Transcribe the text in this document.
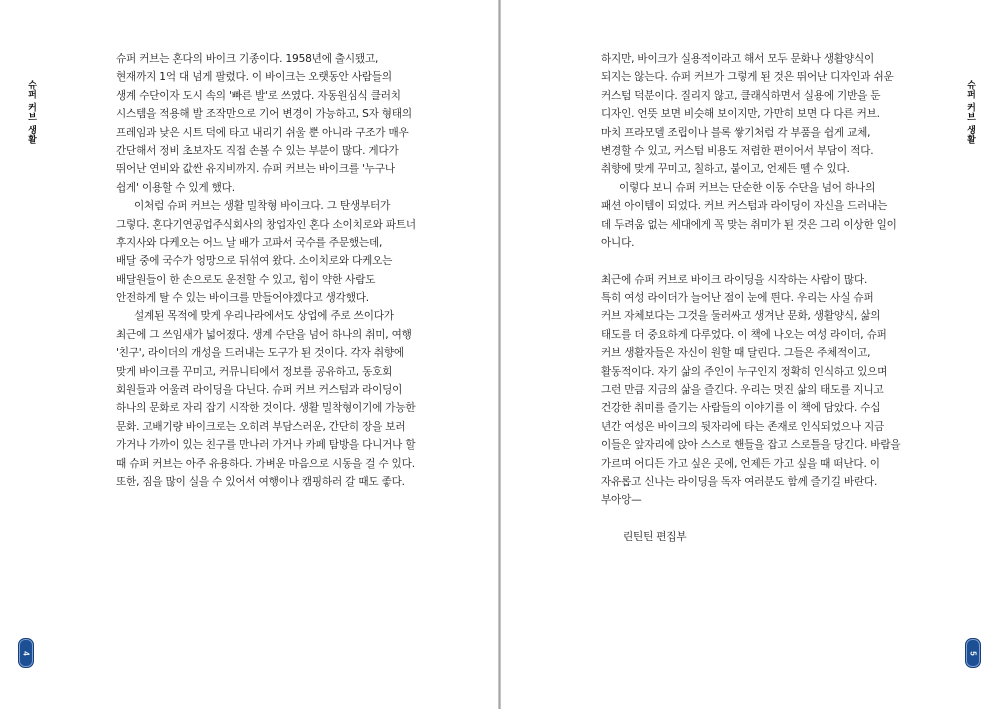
슈퍼 커브 생활
슈퍼 커브는 혼다의 바이크 기종이다. 1958년에 출시됐고,
현재까지 1억 대 넘게 팔렸다. 이 바이크는 오랫동안 사람들의
생계 수단이자 도시 속의 '빠른 발'로 쓰였다. 자동원심식 클러치
시스템을 적용해 발 조작만으로 기어 변경이 가능하고, S자 형태의
프레임과 낮은 시트 덕에 타고 내리기 쉬울 뿐 아니라 구조가 매우
간단해서 정비 초보자도 직접 손볼 수 있는 부분이 많다. 게다가
뛰어난 연비와 값싼 유지비까지. 슈퍼 커브는 바이크를 '누구나
쉽게' 이용할 수 있게 했다.
이처럼 슈퍼 커브는 생활 밀착형 바이크다. 그 탄생부터가
그렇다. 혼다기연공업주식회사의 창업자인 혼다 소이치로와 파트너
후지사와 다케오는 어느 날 배가 고파서 국수를 주문했는데,
배달 중에 국수가 엉망으로 뒤섞여 왔다. 소이치로와 다케오는
배달원들이 한 손으로도 운전할 수 있고, 힘이 약한 사람도
안전하게 탈 수 있는 바이크를 만들어야겠다고 생각했다.
설계된 목적에 맞게 우리나라에서도 상업에 주로 쓰이다가
최근에 그 쓰임새가 넓어졌다. 생계 수단을 넘어 하나의 취미, 여행
'친구', 라이더의 개성을 드러내는 도구가 된 것이다. 각자 취향에
맞게 바이크를 꾸미고, 커뮤니티에서 정보를 공유하고, 동호회
회원들과 어울려 라이딩을 다닌다. 슈퍼 커브 커스텀과 라이딩이
하나의 문화로 자리 잡기 시작한 것이다. 생활 밀착형이기에 가능한
문화. 고배기량 바이크로는 오히려 부담스러운, 간단히 장을 보러
가거나 가까이 있는 친구를 만나러 가거나 카페 탐방을 다니거나 할
때 슈퍼 커브는 아주 유용하다. 가벼운 마음으로 시동을 걸 수 있다.
또한, 짐을 많이 실을 수 있어서 여행이나 캠핑하러 갈 때도 좋다.
4
슈퍼 커브 생활
하지만, 바이크가 실용적이라고 해서 모두 문화나 생활양식이
되지는 않는다. 슈퍼 커브가 그렇게 된 것은 뛰어난 디자인과 쉬운
커스텀 덕분이다. 질리지 않고, 클래식하면서 실용에 기반을 둔
디자인. 언뜻 보면 비슷해 보이지만, 가만히 보면 다 다른 커브.
마치 프라모델 조립이나 블록 쌓기처럼 각 부품을 쉽게 교체,
변경할 수 있고, 커스텀 비용도 저렴한 편이어서 부담이 적다.
취향에 맞게 꾸미고, 칠하고, 붙이고, 언제든 뗄 수 있다.
이렇다 보니 슈퍼 커브는 단순한 이동 수단을 넘어 하나의
패션 아이템이 되었다. 커브 커스텀과 라이딩이 자신을 드러내는
데 두려움 없는 세대에게 꼭 맞는 취미가 된 것은 그리 이상한 일이
아니다.
최근에 슈퍼 커브로 바이크 라이딩을 시작하는 사람이 많다.
특히 여성 라이더가 늘어난 점이 눈에 띈다. 우리는 사실 슈퍼
커브 자체보다는 그것을 둘러싸고 생겨난 문화, 생활양식, 삶의
태도를 더 중요하게 다루었다. 이 책에 나오는 여성 라이더, 슈퍼
커브 생활자들은 자신이 원할 때 달린다. 그들은 주체적이고,
활동적이다. 자기 삶의 주인이 누구인지 정확히 인식하고 있으며
그런 만큼 지금의 삶을 즐긴다. 우리는 멋진 삶의 태도를 지니고
건강한 취미를 즐기는 사람들의 이야기를 이 책에 담았다. 수십
년간 여성은 바이크의 뒷자리에 타는 존재로 인식되었으나 지금
이들은 앞자리에 앉아 스스로 핸들을 잡고 스로틀을 당긴다. 바람을
가르며 어디든 가고 싶은 곳에, 언제든 가고 싶을 때 떠난다. 이
자유롭고 신나는 라이딩을 독자 여러분도 함께 즐기길 바란다.
부아앙—
린틴틴 편집부
5
